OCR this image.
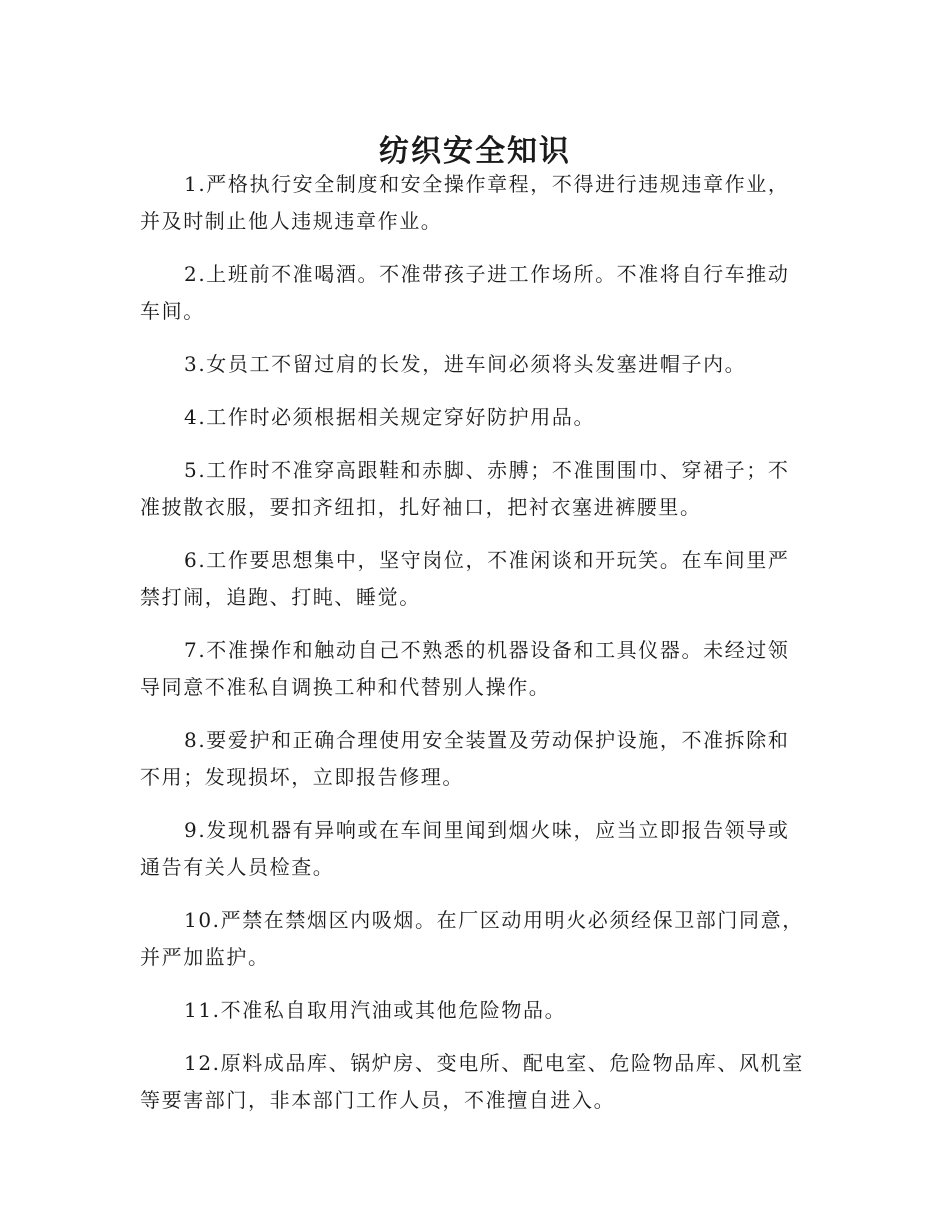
纺织安全知识

1.严格执行安全制度和安全操作章程，不得进行违规违章作业，并及时制止他人违规违章作业。

2.上班前不准喝酒。不准带孩子进工作场所。不准将自行车推动车间。

3.女员工不留过肩的长发，进车间必须将头发塞进帽子内。

4.工作时必须根据相关规定穿好防护用品。

5.工作时不准穿高跟鞋和赤脚、赤膊；不准围围巾、穿裙子；不准披散衣服，要扣齐纽扣，扎好袖口，把衬衣塞进裤腰里。

6.工作要思想集中，坚守岗位，不准闲谈和开玩笑。在车间里严禁打闹，追跑、打盹、睡觉。

7.不准操作和触动自己不熟悉的机器设备和工具仪器。未经过领导同意不准私自调换工种和代替别人操作。

8.要爱护和正确合理使用安全装置及劳动保护设施，不准拆除和不用；发现损坏，立即报告修理。

9.发现机器有异响或在车间里闻到烟火味，应当立即报告领导或通告有关人员检查。

10.严禁在禁烟区内吸烟。在厂区动用明火必须经保卫部门同意，并严加监护。

11.不准私自取用汽油或其他危险物品。

12.原料成品库、锅炉房、变电所、配电室、危险物品库、风机室等要害部门，非本部门工作人员，不准擅自进入。
